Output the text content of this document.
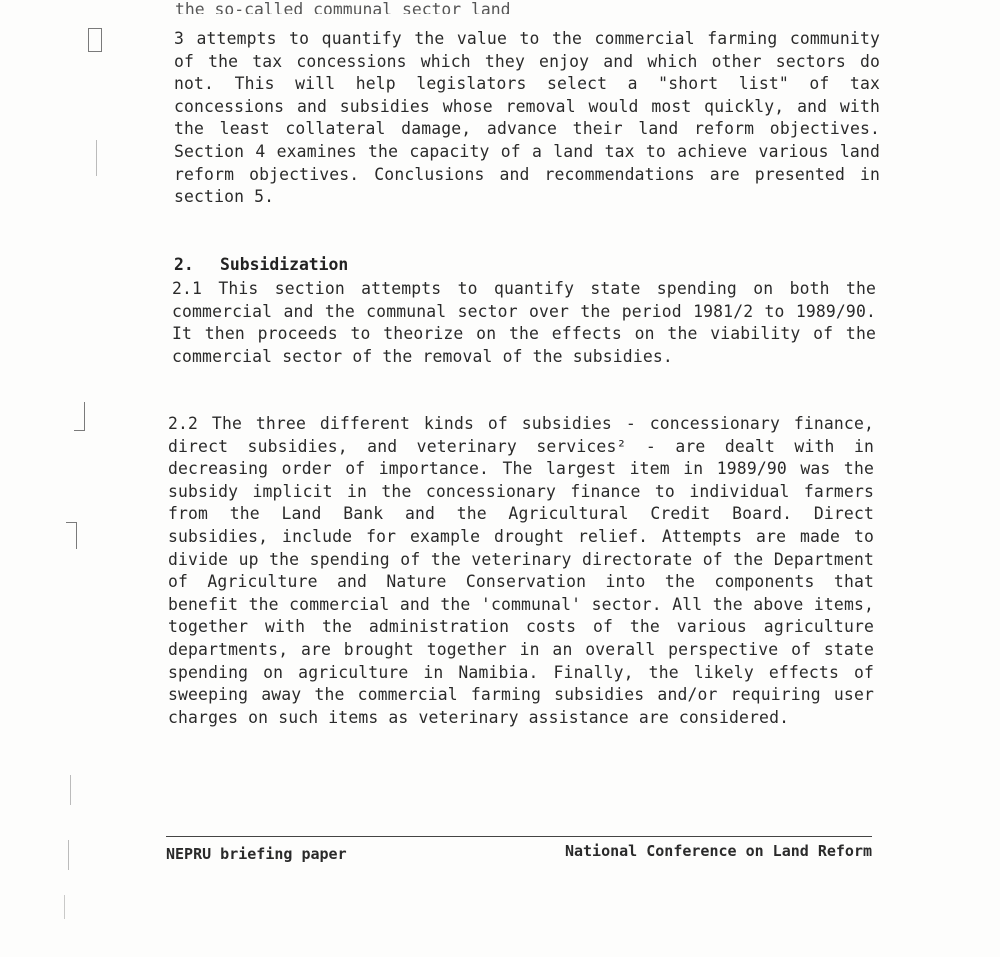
the so-called communal sector land

3 attempts to quantify the value to the commercial farming community of the tax concessions which they enjoy and which other sectors do not. This will help legislators select a "short list" of tax concessions and subsidies whose removal would most quickly, and with the least collateral damage, advance their land reform objectives. Section 4 examines the capacity of a land tax to achieve various land reform objectives. Conclusions and recommendations are presented in section 5.

2. Subsidization

2.1 This section attempts to quantify state spending on both the commercial and the communal sector over the period 1981/2 to 1989/90. It then proceeds to theorize on the effects on the viability of the commercial sector of the removal of the subsidies.

2.2 The three different kinds of subsidies - concessionary finance, direct subsidies, and veterinary services² - are dealt with in decreasing order of importance. The largest item in 1989/90 was the subsidy implicit in the concessionary finance to individual farmers from the Land Bank and the Agricultural Credit Board. Direct subsidies, include for example drought relief. Attempts are made to divide up the spending of the veterinary directorate of the Department of Agriculture and Nature Conservation into the components that benefit the commercial and the 'communal' sector. All the above items, together with the administration costs of the various agriculture departments, are brought together in an overall perspective of state spending on agriculture in Namibia. Finally, the likely effects of sweeping away the commercial farming subsidies and/or requiring user charges on such items as veterinary assistance are considered.

NEPRU briefing paper	National Conference on Land Reform
